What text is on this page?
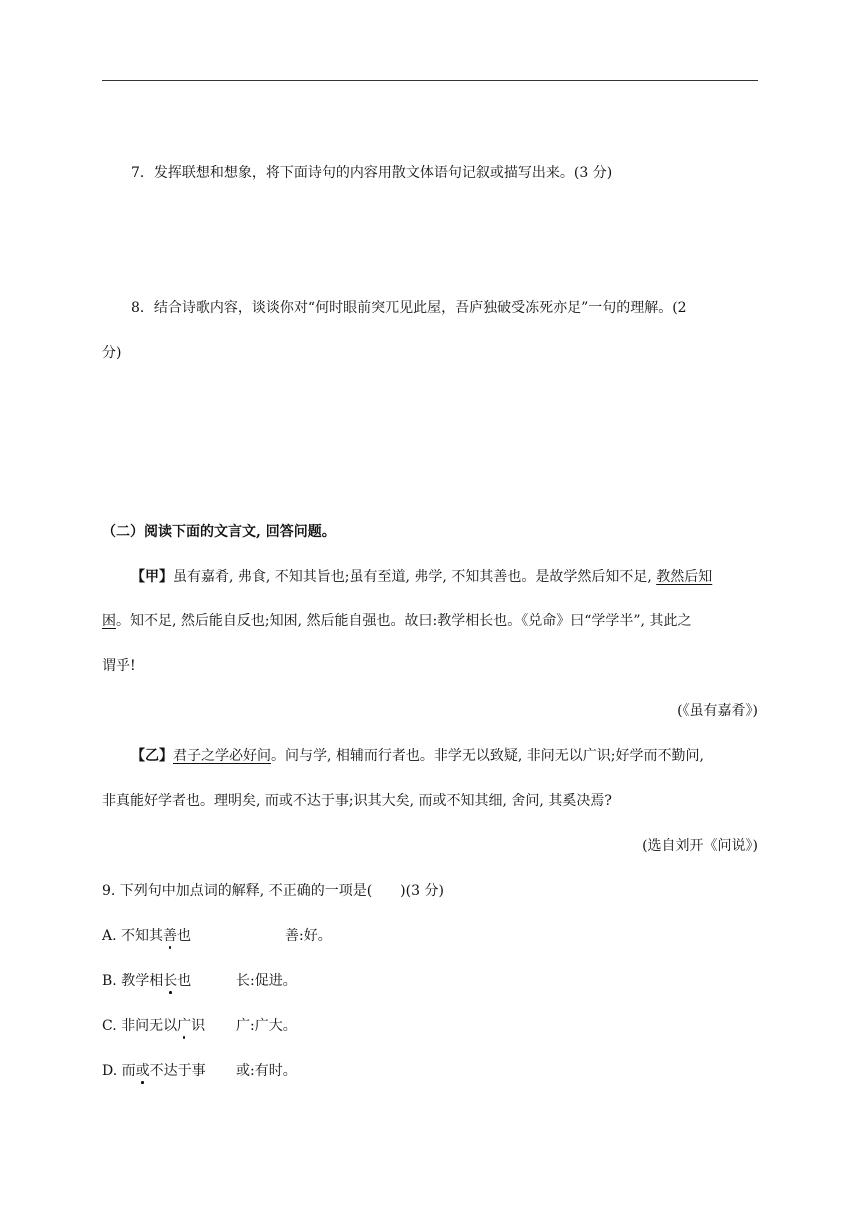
7．发挥联想和想象，将下面诗句的内容用散文体语句记叙或描写出来。(3 分)
8．结合诗歌内容，谈谈你对“何时眼前突兀见此屋，吾庐独破受冻死亦足”一句的理解。(2
分)
（二）阅读下面的文言文, 回答问题。
【甲】虽有嘉肴, 弗食, 不知其旨也;虽有至道, 弗学, 不知其善也。是故学然后知不足, 教然后知
困。知不足, 然后能自反也;知困, 然后能自强也。故曰:教学相长也。《兑命》曰“学学半”, 其此之
谓乎!
(《虽有嘉肴》)
【乙】君子之学必好问。问与学, 相辅而行者也。非学无以致疑, 非问无以广识;好学而不勤问,
非真能好学者也。理明矣, 而或不达于事;识其大矣, 而或不知其细, 舍问, 其奚决焉?
(选自刘开《问说》)
9. 下列句中加点词的解释, 不正确的一项是(　　)(3 分)
A. 不知其善也	善:好。
B. 教学相长也	长:促进。
C. 非问无以广识 广:广大。
D. 而或不达于事 或:有时。
